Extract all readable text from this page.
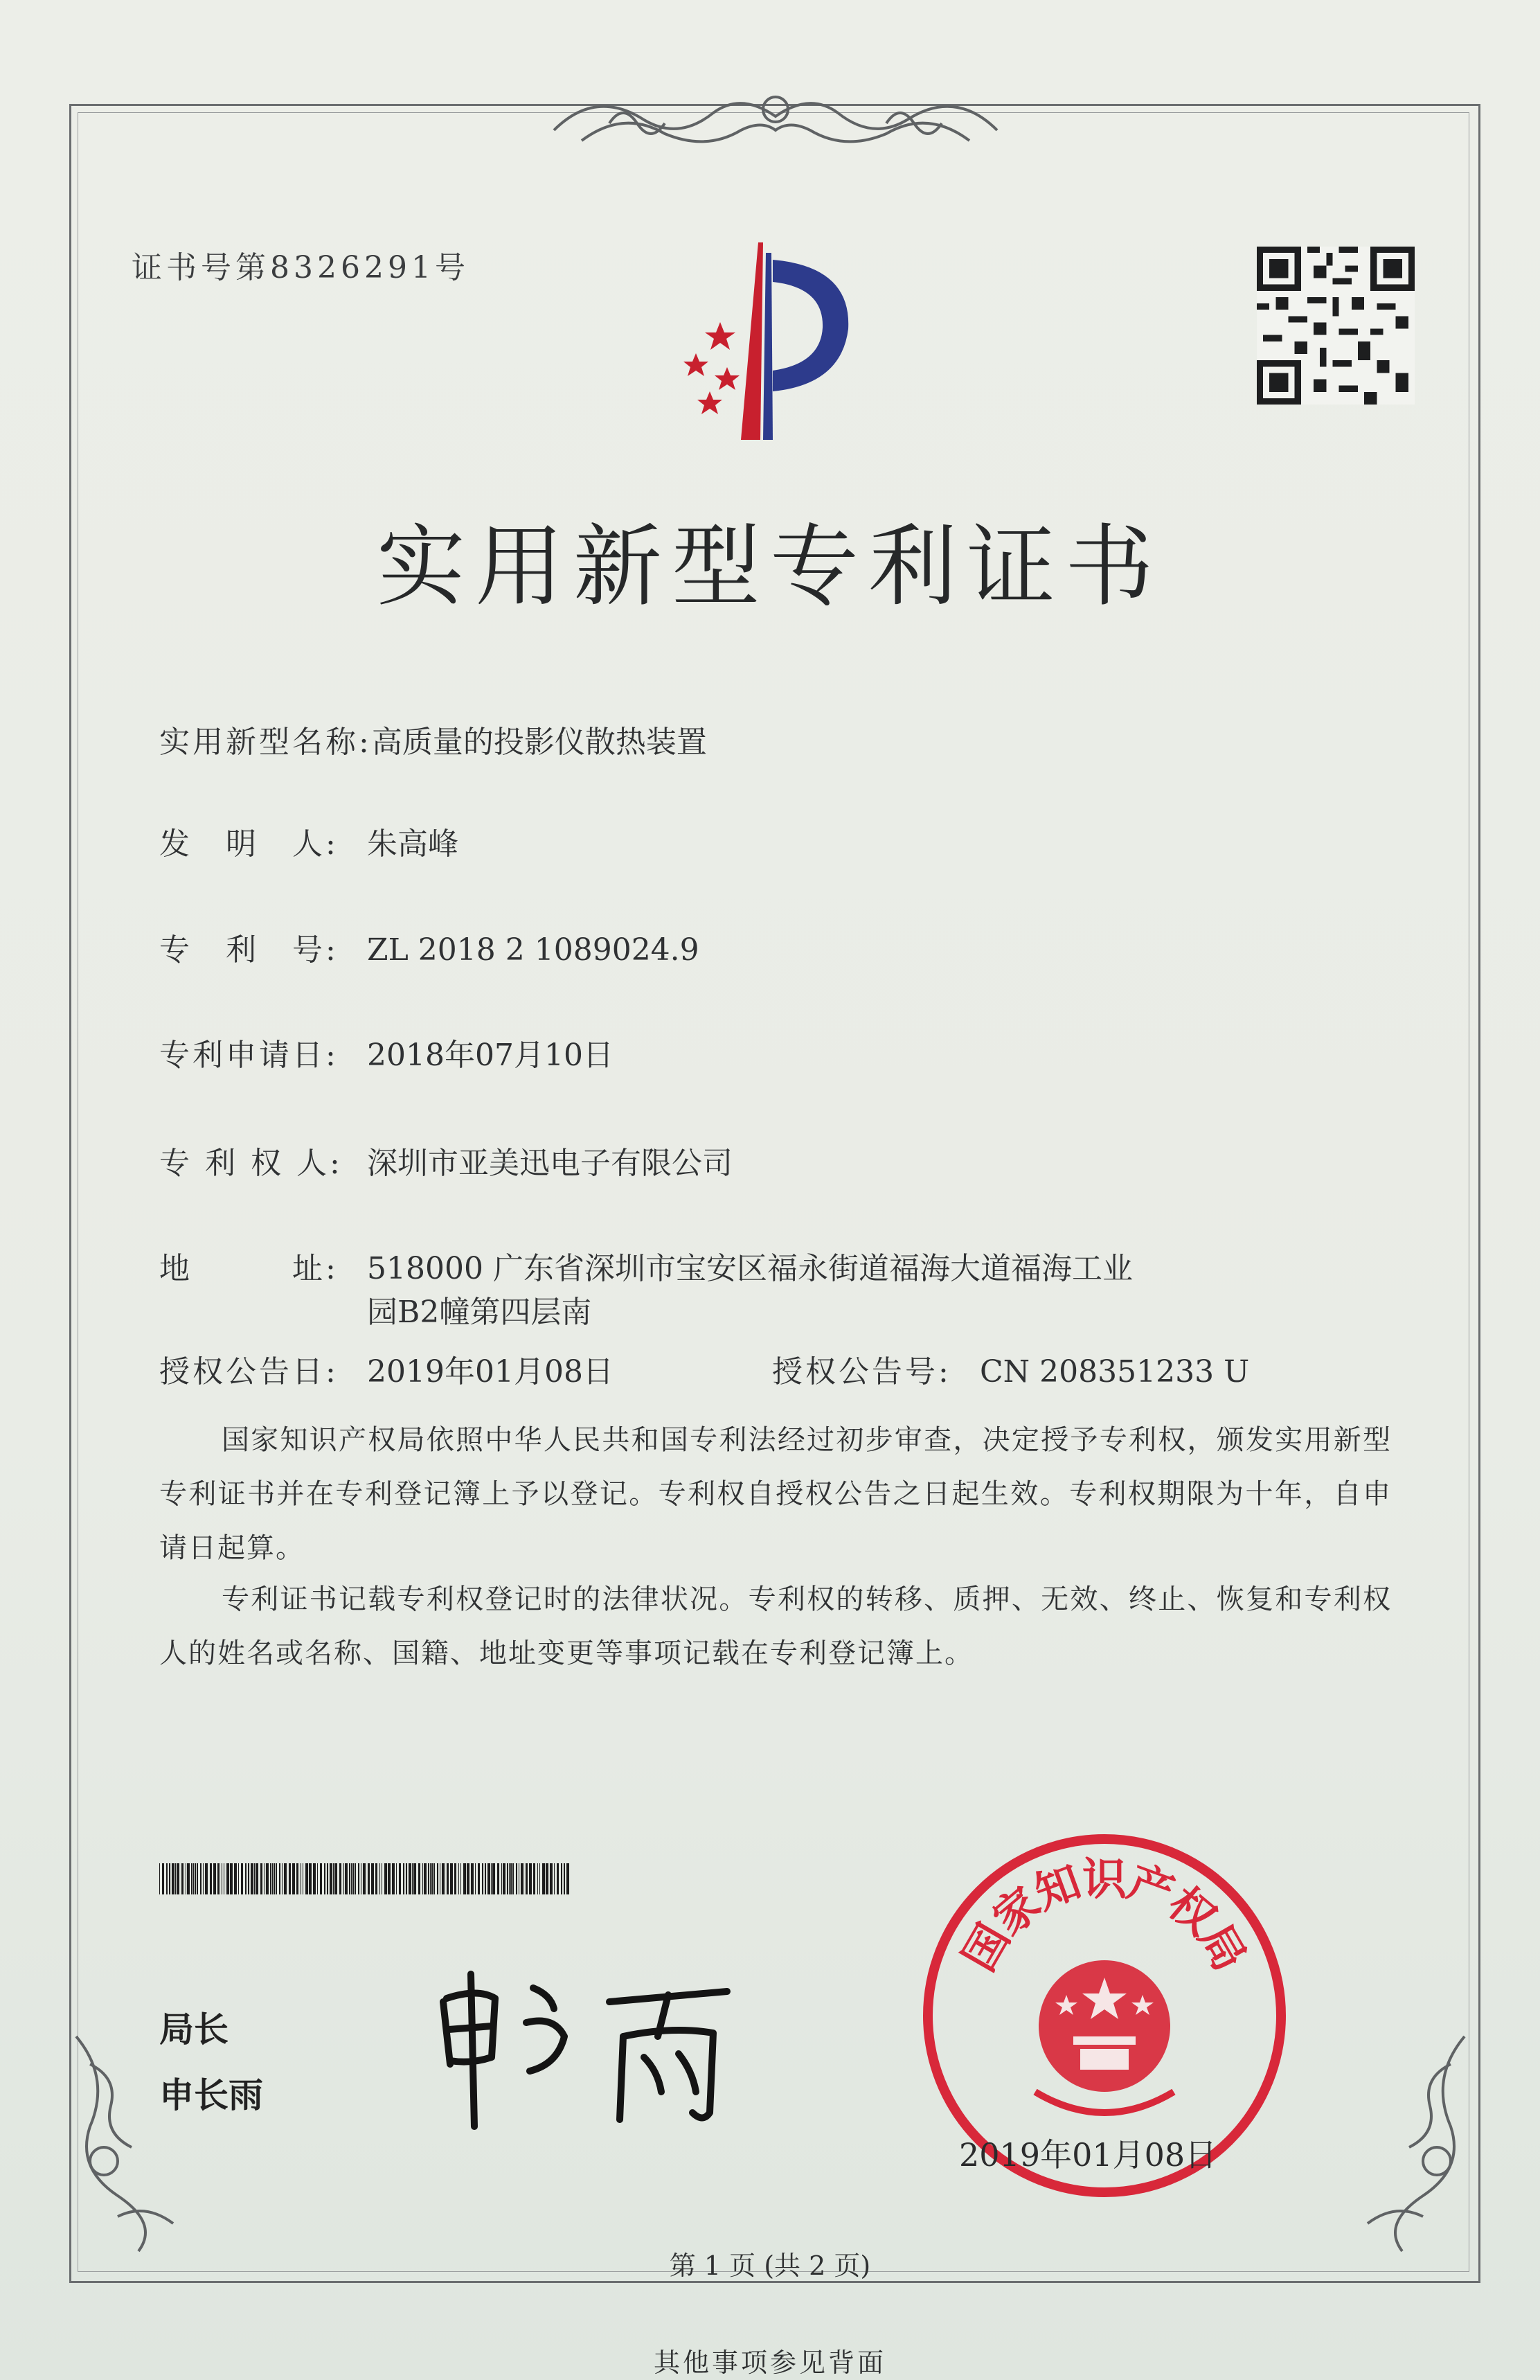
证书号第8326291号
实用新型专利证书
实用新型名称:高质量的投影仪散热装置
发　明　人: 朱高峰
专　利　号: ZL 2018 2 1089024.9
专利申请日: 2018年07月10日
专 利 权 人: 深圳市亚美迅电子有限公司
地　　　址: 518000 广东省深圳市宝安区福永街道福海大道福海工业
园B2幢第四层南
授权公告日: 2019年01月08日	授权公告号: CN 208351233 U
国家知识产权局依照中华人民共和国专利法经过初步审查，决定授予专利权，颁发实用新型专利证书并在专利登记簿上予以登记。专利权自授权公告之日起生效。专利权期限为十年，自申请日起算。
专利证书记载专利权登记时的法律状况。专利权的转移、质押、无效、终止、恢复和专利权人的姓名或名称、国籍、地址变更等事项记载在专利登记簿上。
局长
申长雨
国
家
知
识
产
权
局
2019年01月08日
第 1 页 (共 2 页)
其他事项参见背面
